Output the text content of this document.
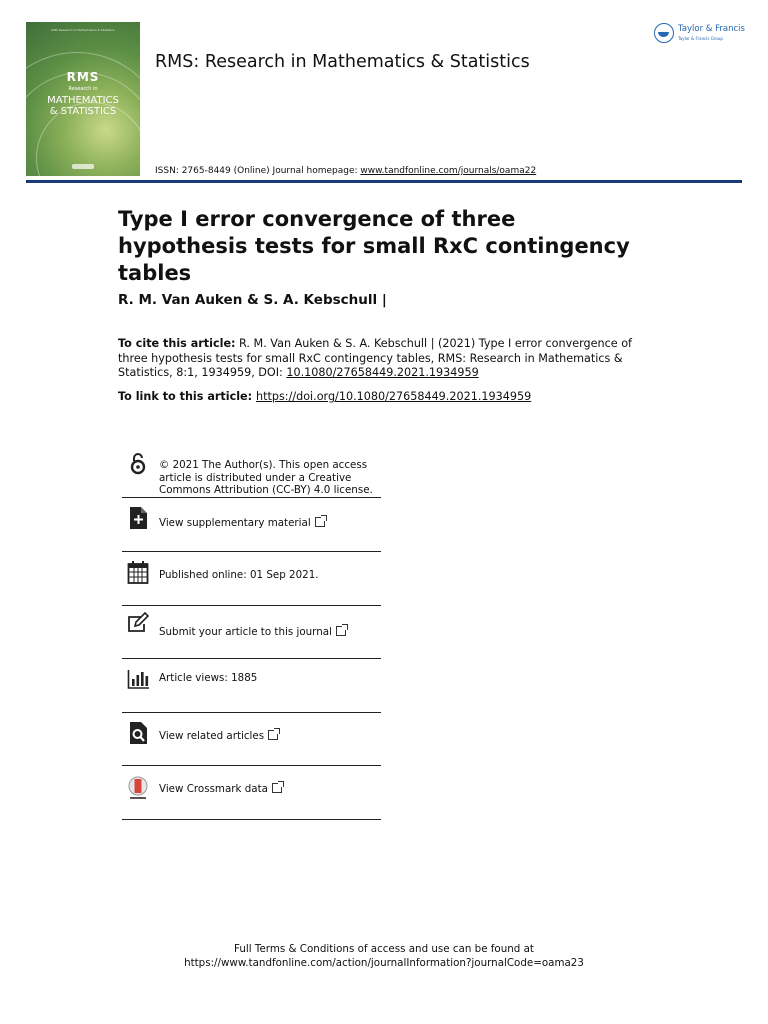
RMS Research in Mathematics & Statistics
RMS
Research in
MATHEMATICS
& STATISTICS
RMS: Research in Mathematics & Statistics
ISSN: 2765-8449 (Online) Journal homepage: www.tandfonline.com/journals/oama22
Taylor & Francis
Taylor & Francis Group
Type I error convergence of three hypothesis tests for small RxC contingency tables
R. M. Van Auken & S. A. Kebschull |
To cite this article: R. M. Van Auken & S. A. Kebschull | (2021) Type I error convergence of three hypothesis tests for small RxC contingency tables, RMS: Research in Mathematics & Statistics, 8:1, 1934959, DOI: 10.1080/27658449.2021.1934959
To link to this article: https://doi.org/10.1080/27658449.2021.1934959
© 2021 The Author(s). This open access article is distributed under a Creative Commons Attribution (CC-BY) 4.0 license.
View supplementary material
Published online: 01 Sep 2021.
Submit your article to this journal
Article views: 1885
View related articles
View Crossmark data
Full Terms & Conditions of access and use can be found at
https://www.tandfonline.com/action/journalInformation?journalCode=oama23
